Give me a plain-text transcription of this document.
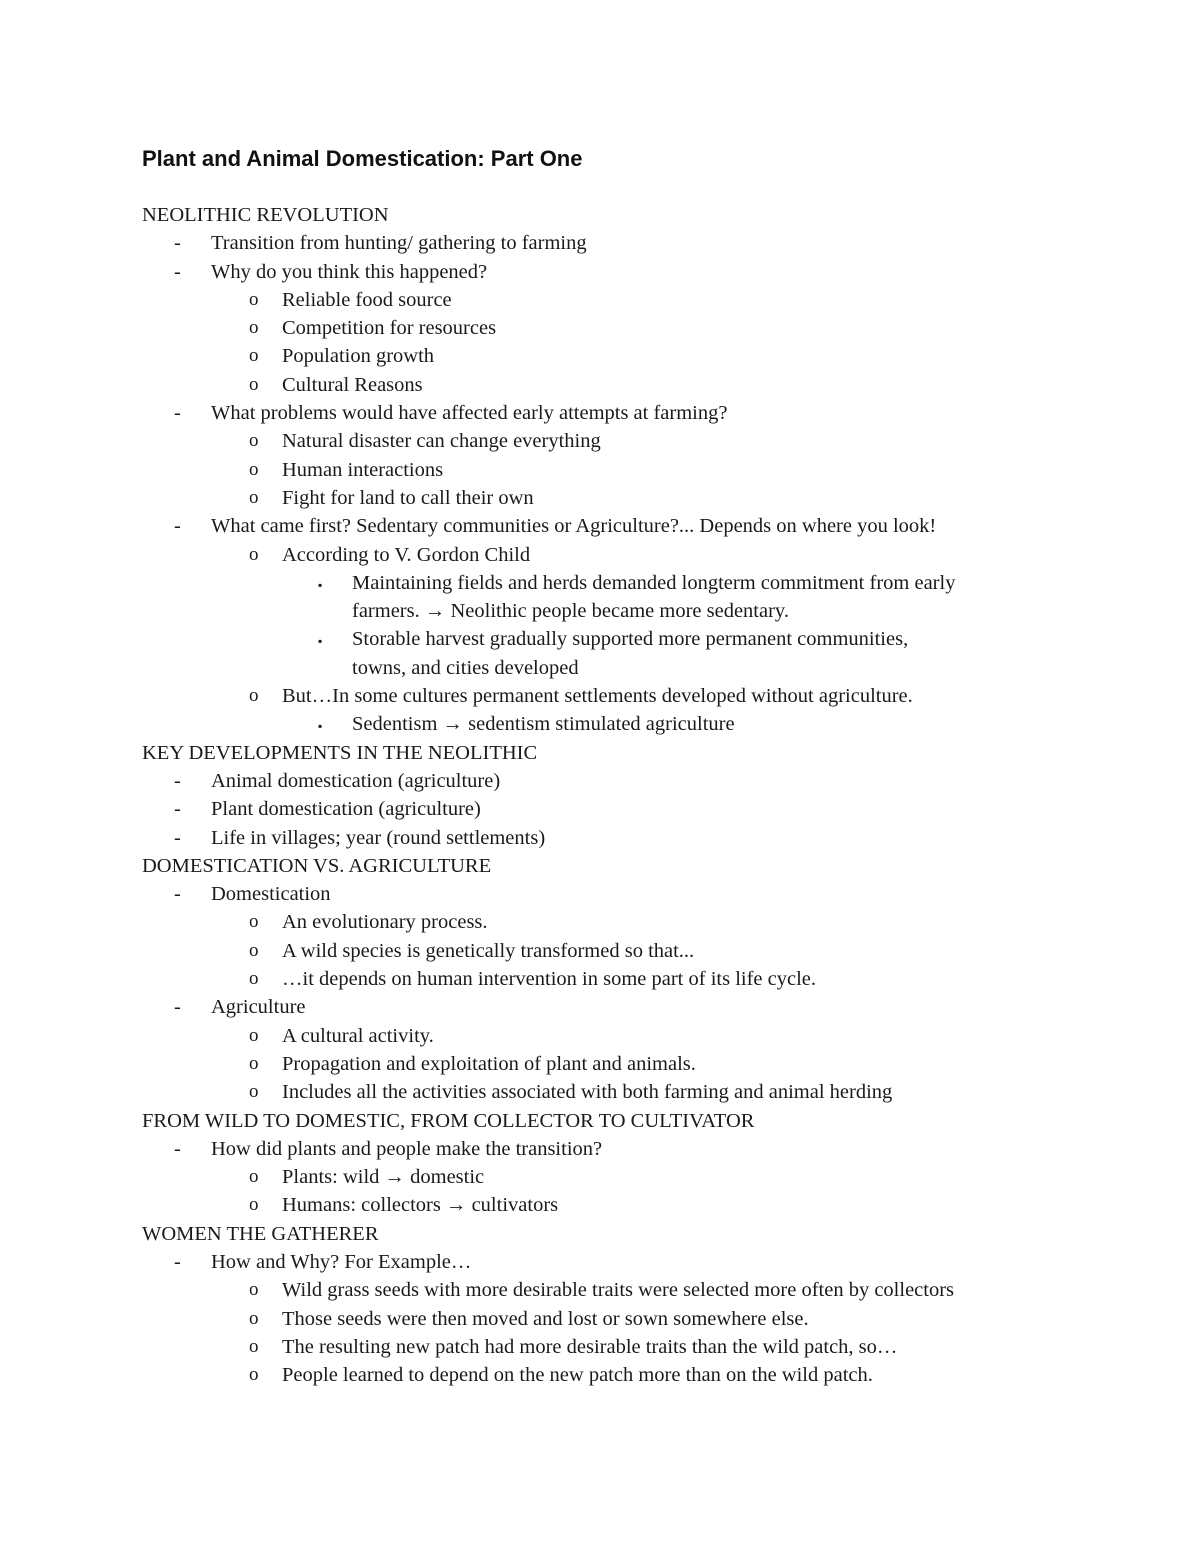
Plant and Animal Domestication: Part One
NEOLITHIC REVOLUTION
- Transition from hunting/ gathering to farming
- Why do you think this happened?
o Reliable food source
o Competition for resources
o Population growth
o Cultural Reasons
- What problems would have affected early attempts at farming?
o Natural disaster can change everything
o Human interactions
o Fight for land to call their own
- What came first? Sedentary communities or Agriculture?... Depends on where you look!
o According to V. Gordon Child
▪ Maintaining fields and herds demanded longterm commitment from early
farmers. → Neolithic people became more sedentary.
▪ Storable harvest gradually supported more permanent communities,
towns, and cities developed
o But…In some cultures permanent settlements developed without agriculture.
▪ Sedentism → sedentism stimulated agriculture
KEY DEVELOPMENTS IN THE NEOLITHIC
- Animal domestication (agriculture)
- Plant domestication (agriculture)
- Life in villages; year (round settlements)
DOMESTICATION VS. AGRICULTURE
- Domestication
o An evolutionary process.
o A wild species is genetically transformed so that...
o …it depends on human intervention in some part of its life cycle.
- Agriculture
o A cultural activity.
o Propagation and exploitation of plant and animals.
o Includes all the activities associated with both farming and animal herding
FROM WILD TO DOMESTIC, FROM COLLECTOR TO CULTIVATOR
- How did plants and people make the transition?
o Plants: wild → domestic
o Humans: collectors → cultivators
WOMEN THE GATHERER
- How and Why? For Example…
o Wild grass seeds with more desirable traits were selected more often by collectors
o Those seeds were then moved and lost or sown somewhere else.
o The resulting new patch had more desirable traits than the wild patch, so…
o People learned to depend on the new patch more than on the wild patch.
